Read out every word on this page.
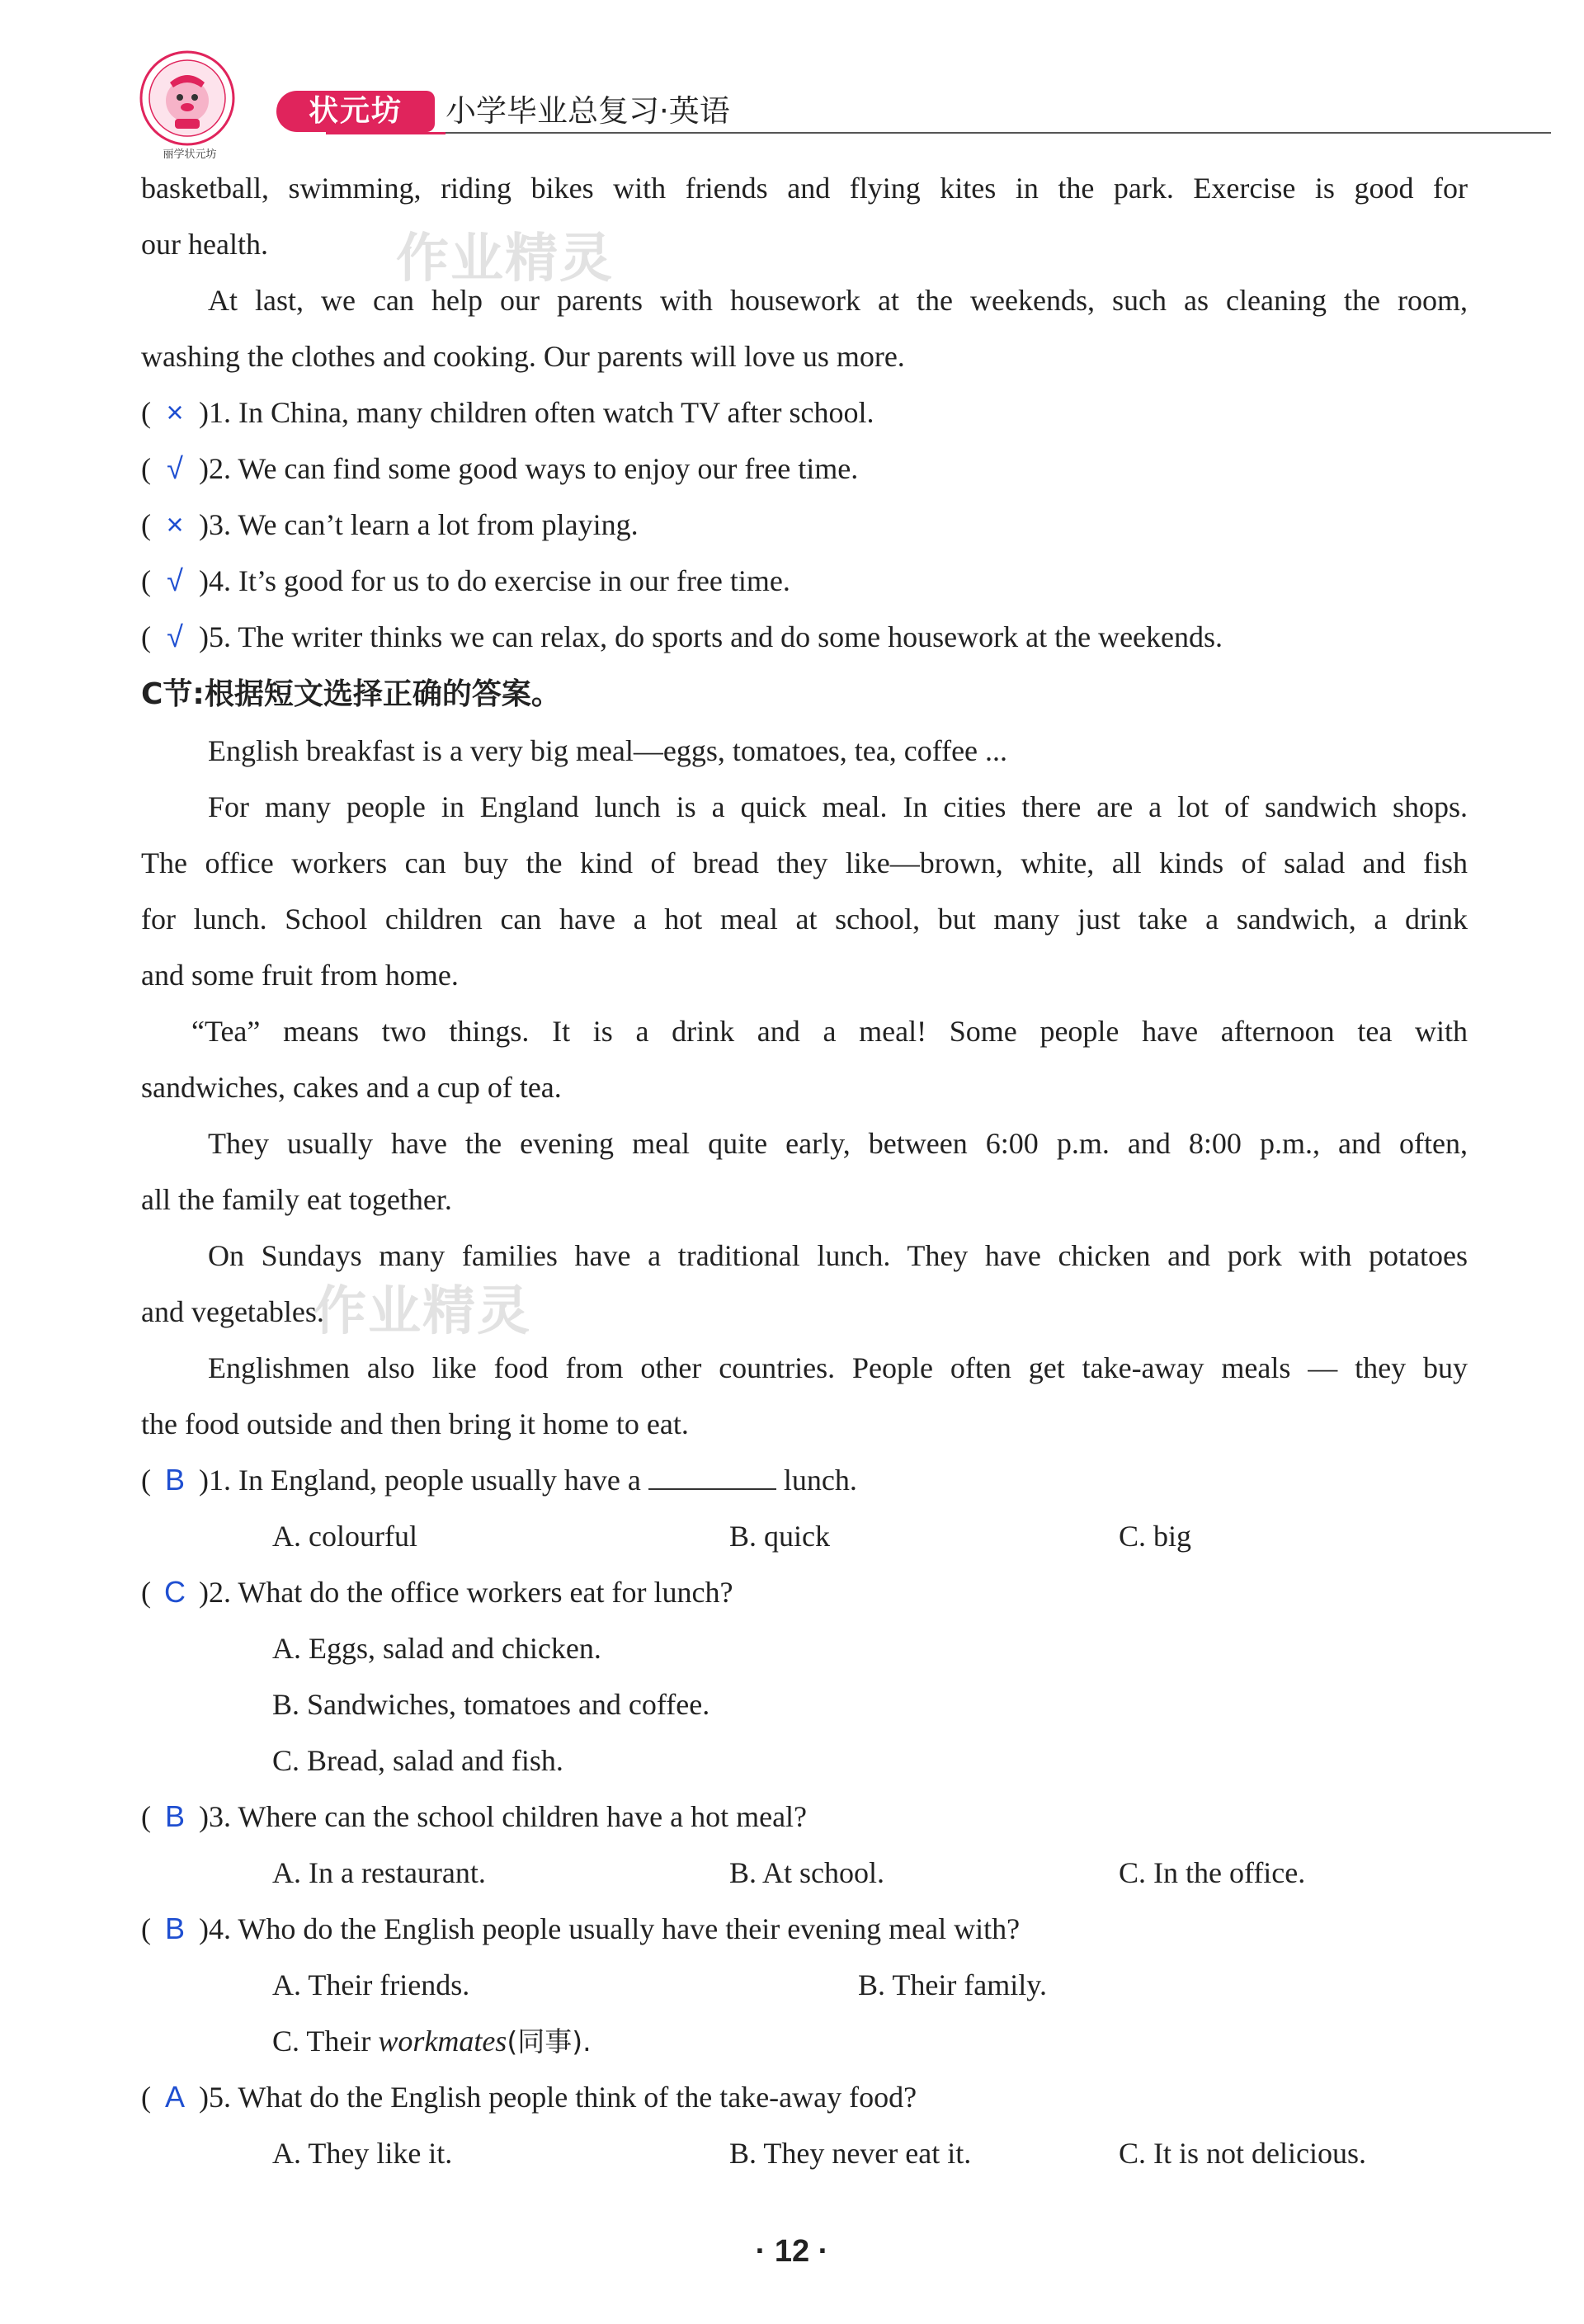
丽学状元坊
状元坊	小学毕业总复习·英语
basketball, swimming, riding bikes with friends and flying kites in the park. Exercise is good for
our health.
At last, we can help our parents with housework at the weekends, such as cleaning the room,
washing the clothes and cooking. Our parents will love us more.
作业精灵
( × )1. In China, many children often watch TV after school.
( √ )2. We can find some good ways to enjoy our free time.
( × )3. We can’t learn a lot from playing.
( √ )4. It’s good for us to do exercise in our free time.
( √ )5. The writer thinks we can relax, do sports and do some housework at the weekends.
C节:根据短文选择正确的答案。
English breakfast is a very big meal—eggs, tomatoes, tea, coffee ...
For many people in England lunch is a quick meal. In cities there are a lot of sandwich shops.
The office workers can buy the kind of bread they like—brown, white, all kinds of salad and fish
for lunch. School children can have a hot meal at school, but many just take a sandwich, a drink
and some fruit from home.
“Tea” means two things. It is a drink and a meal! Some people have afternoon tea with
sandwiches, cakes and a cup of tea.
They usually have the evening meal quite early, between 6:00 p.m. and 8:00 p.m., and often,
all the family eat together.
On Sundays many families have a traditional lunch. They have chicken and pork with potatoes
and vegetables.
Englishmen also like food from other countries. People often get take-away meals — they buy
the food outside and then bring it home to eat.
作业精灵
( B )1. In England, people usually have a	lunch.
A. colourful	B. quick	C. big
( C )2. What do the office workers eat for lunch?
A. Eggs, salad and chicken.
B. Sandwiches, tomatoes and coffee.
C. Bread, salad and fish.
( B )3. Where can the school children have a hot meal?
A. In a restaurant.	B. At school.	C. In the office.
( B )4. Who do the English people usually have their evening meal with?
A. Their friends.	B. Their family.
C. Their workmates(同事).
( A )5. What do the English people think of the take-away food?
A. They like it.	B. They never eat it.	C. It is not delicious.
· 12 ·
